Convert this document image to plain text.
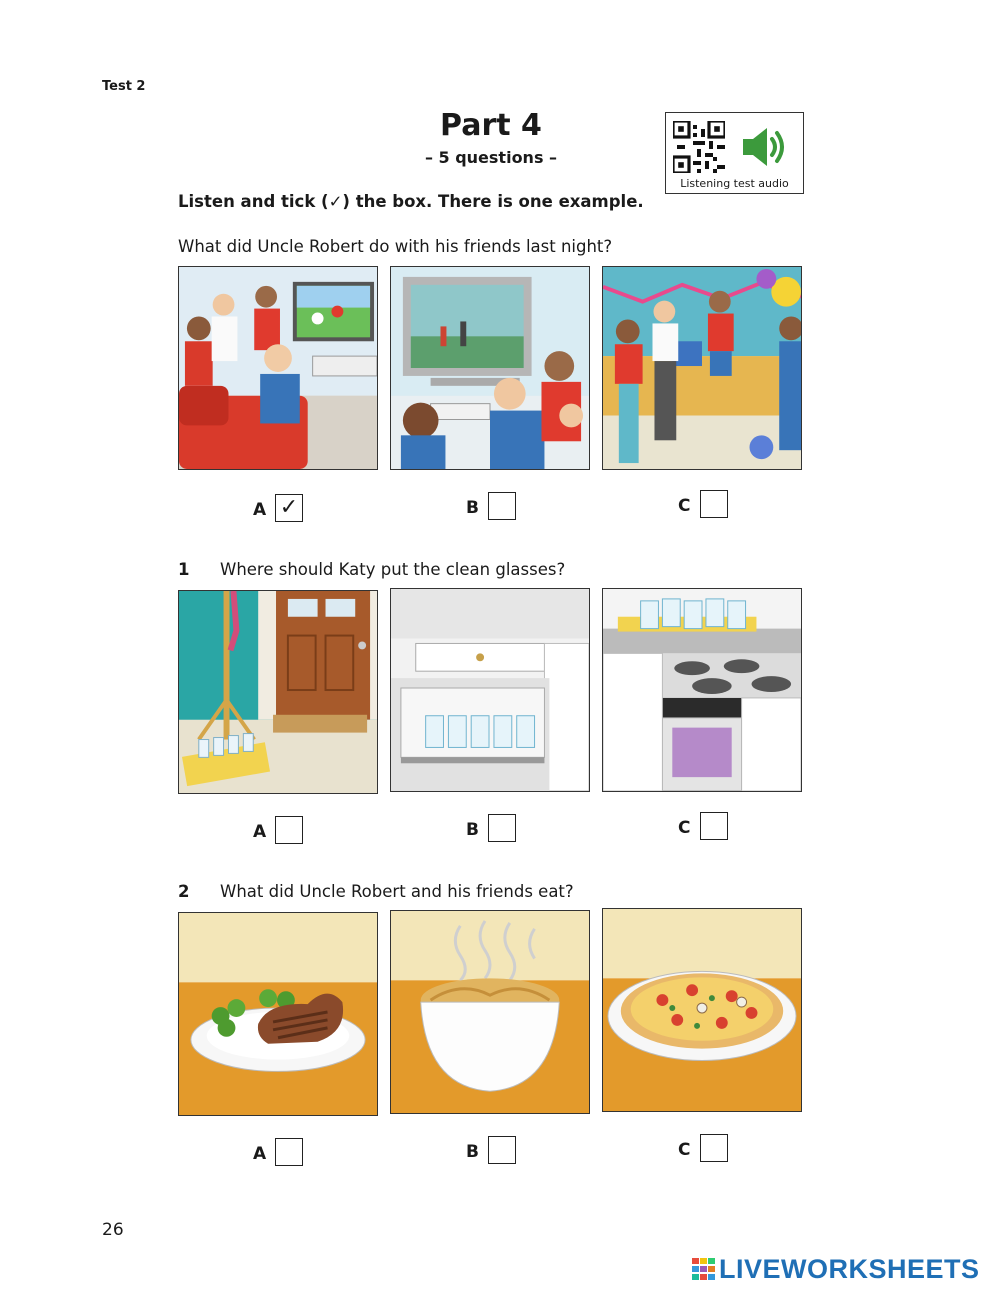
Test 2
Part 4
– 5 questions –
Listening test audio
Listen and tick (✓) the box. There is one example.
What did Uncle Robert do with his friends last night?
A ✓	B	C
1 Where should Katy put the clean glasses?
A	B	C
2 What did Uncle Robert and his friends eat?
A	B	C
26
LIVEWORKSHEETS
